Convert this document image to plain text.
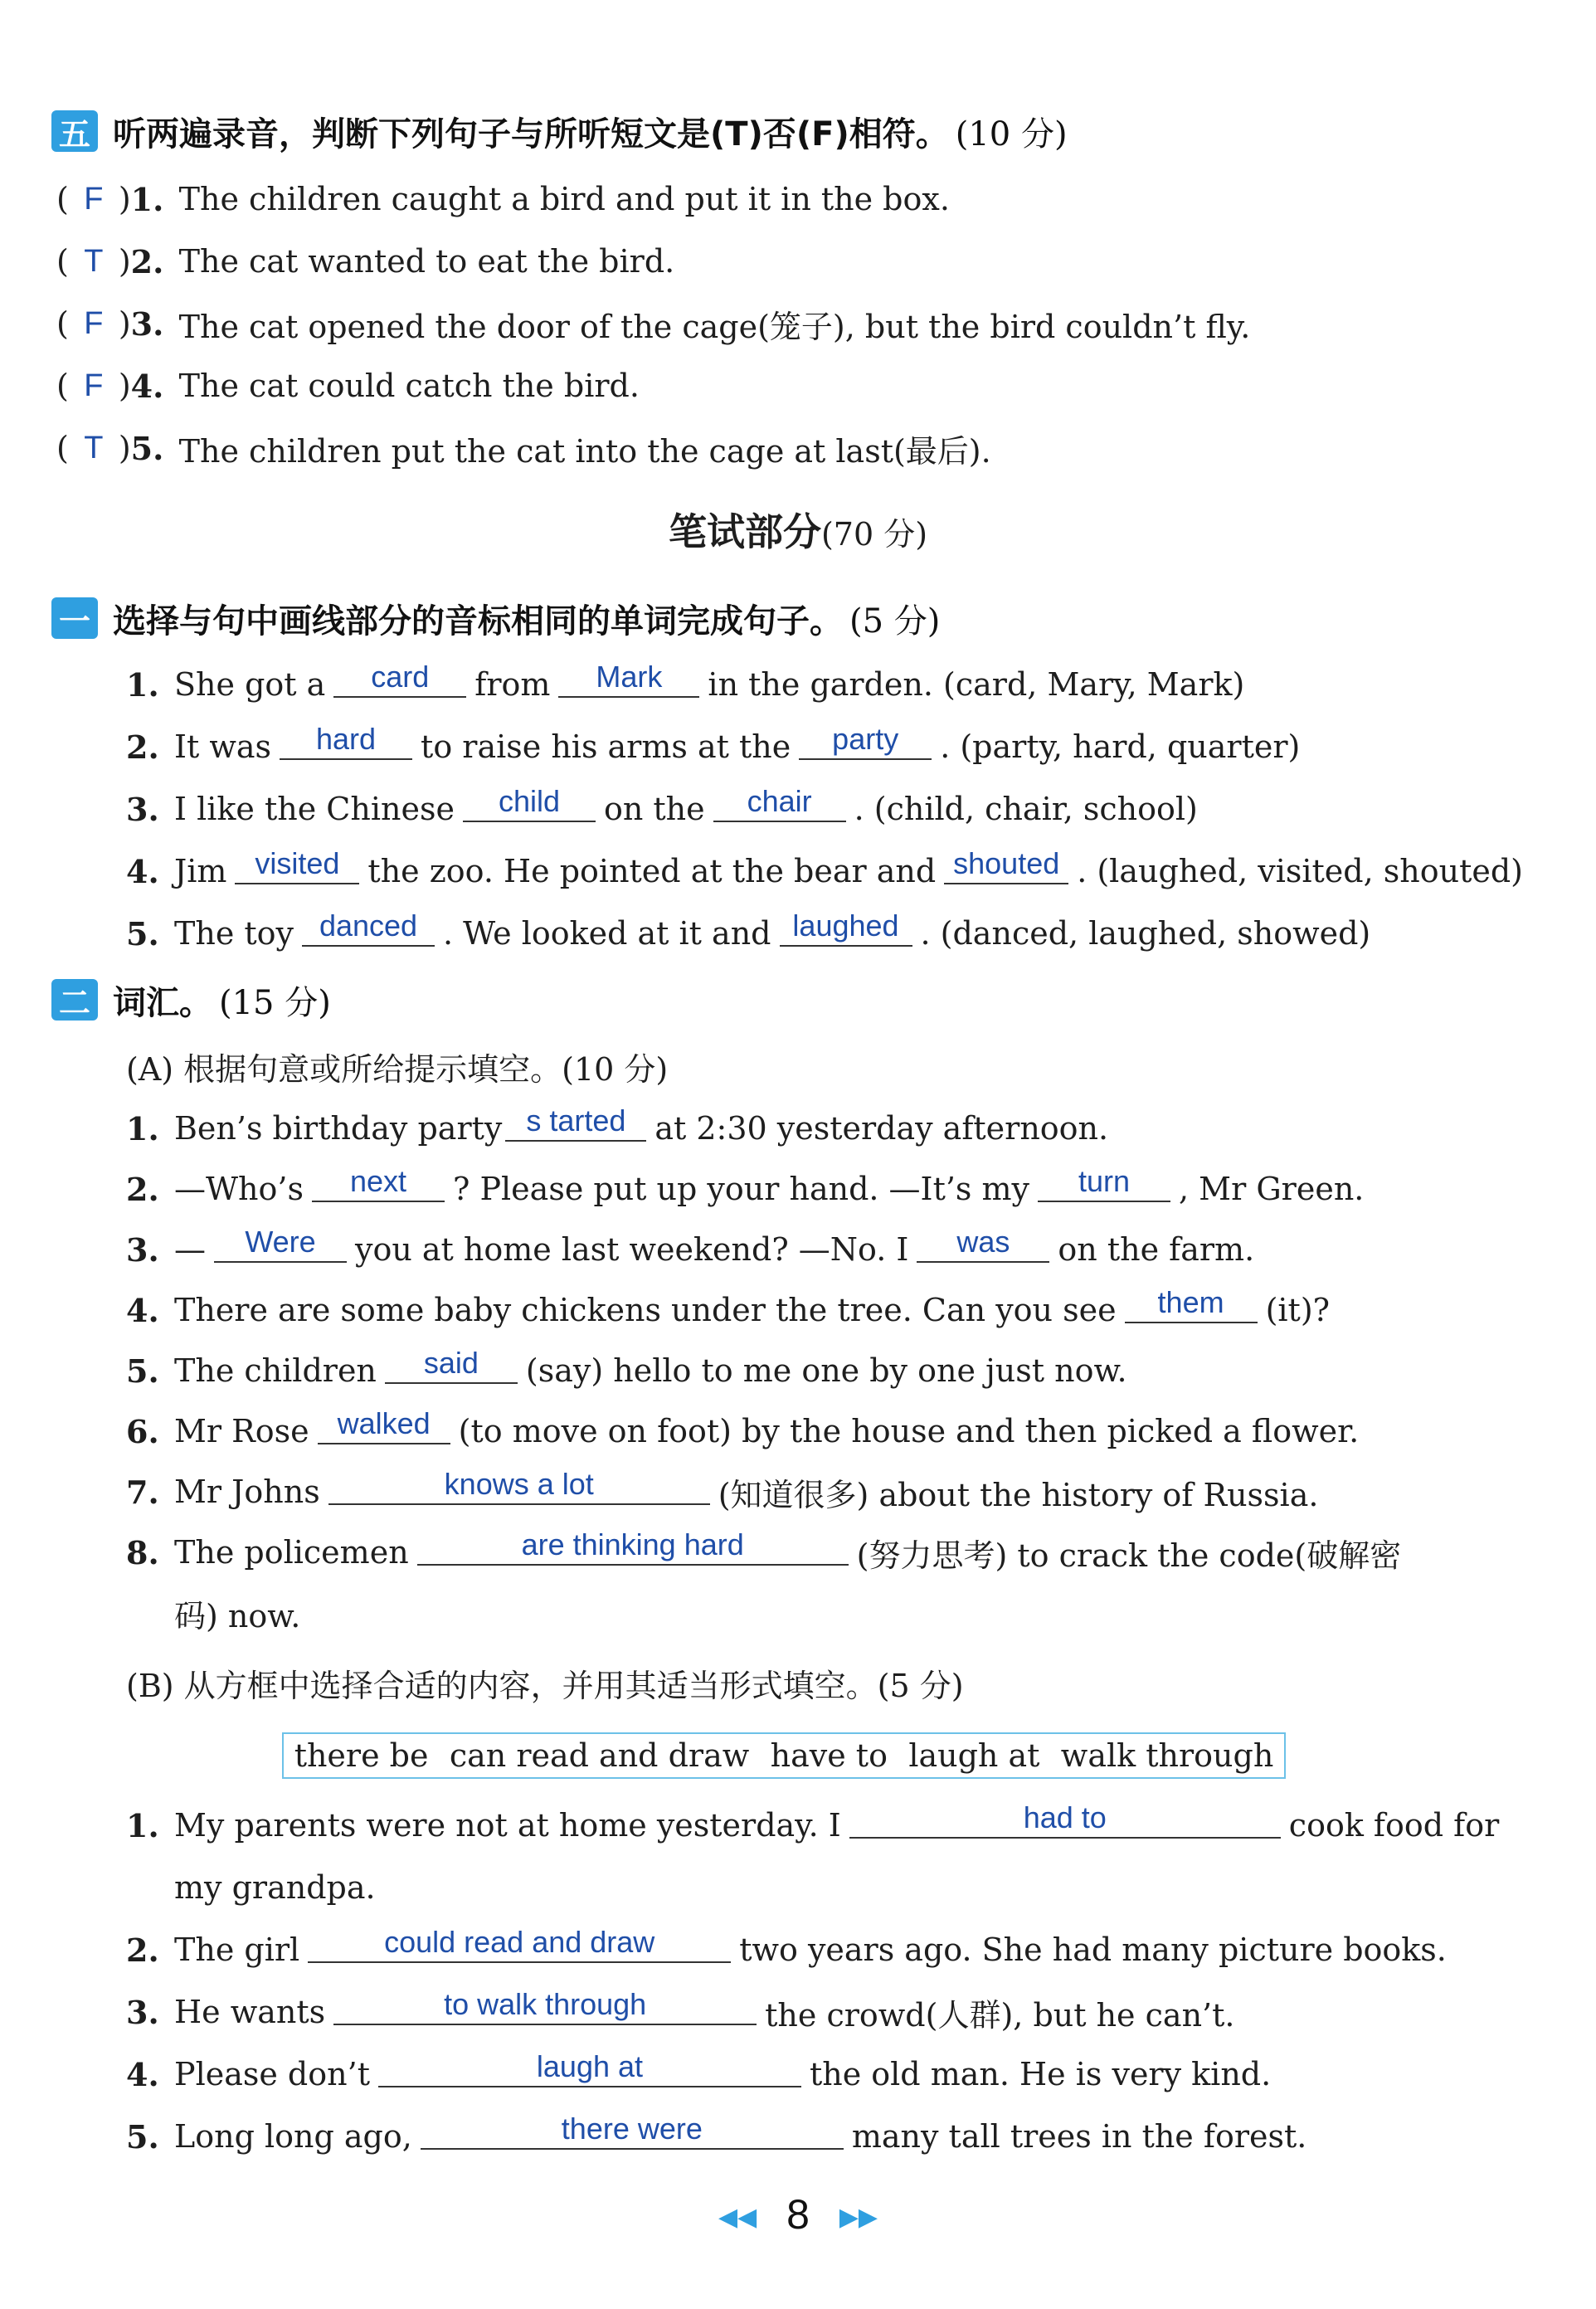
五 听两遍录音，判断下列句子与所听短文是(T)否(F)相符。 (10 分)
( F ) 1. The children caught a bird and put it in the box.
( T ) 2. The cat wanted to eat the bird.
( F ) 3. The cat opened the door of the cage(笼子), but the bird couldn’t fly.
( F ) 4. The cat could catch the bird.
( T ) 5. The children put the cat into the cage at last(最后).
笔试部分(70 分)
一 选择与句中画线部分的音标相同的单词完成句子。 (5 分)
1. She got a	card	from	Mark	in the garden. (card, Mary, Mark)
2. It was	hard	to raise his arms at the	party	. (party, hard, quarter)
3. I like the Chinese	child	on the	chair	. (child, chair, school)
4. Jim visited the zoo. He pointed at the bear and shouted . (laughed, visited, shouted)
5. The toy danced . We looked at it and laughed . (danced, laughed, showed)
二 词汇。 (15 分)
(A) 根据句意或所给提示填空。(10 分)
1. Ben’s birthday party s tarted at 2:30 yesterday afternoon.
2. —Who’s	next	? Please put up your hand. —It’s my	turn	, Mr Green.
3. —	Were	you at home last weekend? —No. I	was	on the farm.
4. There are some baby chickens under the tree. Can you see	them	(it)?
5. The children	said	(say) hello to me one by one just now.
6. Mr Rose walked (to move on foot) by the house and then picked a flower.
7. Mr Johns	knows a lot	(知道很多) about the history of Russia.
8. The policemen	are thinking hard	(努力思考) to crack the code(破解密
码) now.
(B) 从方框中选择合适的内容，并用其适当形式填空。(5 分)
there be can read and draw have to laugh at walk through
1. My parents were not at home yesterday. I	had to	cook food for
my grandpa.
2. The girl	could read and draw	two years ago. She had many picture books.
3. He wants	to walk through	the crowd(人群), but he can’t.
4. Please don’t	laugh at	the old man. He is very kind.
5. Long long ago,	there were	many tall trees in the forest.
◀◀ 8 ▶▶
